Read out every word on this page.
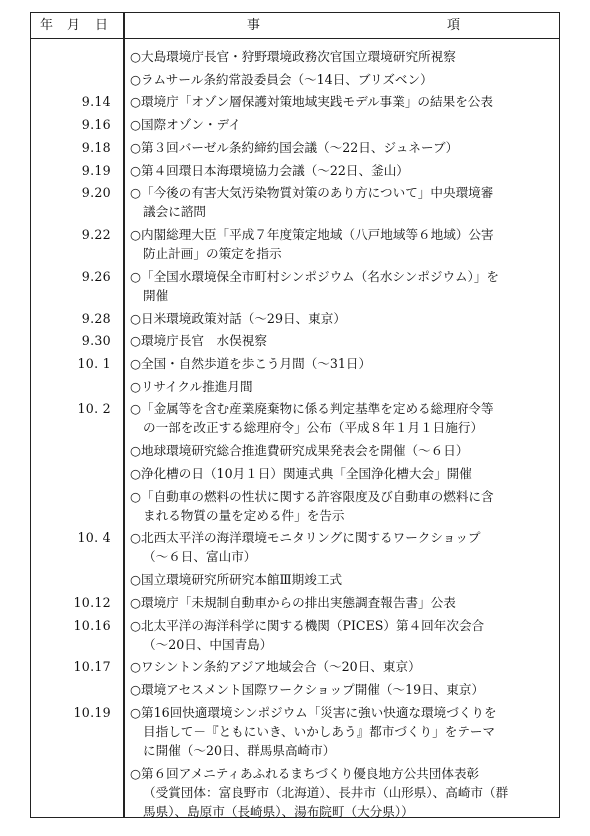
年 月 日	事	項
○大島環境庁長官・狩野環境政務次官国立環境研究所視察
○ラムサール条約常設委員会（～14日、ブリズベン）
9.14 ○環境庁「オゾン層保護対策地域実践モデル事業」の結果を公表
9.16 ○国際オゾン・デイ
9.18 ○第３回バーゼル条約締約国会議（～22日、ジュネーブ）
9.19 ○第４回環日本海環境協力会議（～22日、釜山）
9.20 ○「今後の有害大気汚染物質対策のあり方について」中央環境審
議会に諮問
9.22 ○内閣総理大臣「平成７年度策定地域（八戸地域等６地域）公害
防止計画」の策定を指示
9.26 ○「全国水環境保全市町村シンポジウム（名水シンポジウム）」を
開催
9.28 ○日米環境政策対話（～29日、東京）
9.30 ○環境庁長官　水俣視察
10. 1 ○全国・自然歩道を歩こう月間（～31日）
○リサイクル推進月間
10. 2 ○「金属等を含む産業廃棄物に係る判定基準を定める総理府令等
の一部を改正する総理府令」公布（平成８年１月１日施行）
○地球環境研究総合推進費研究成果発表会を開催（～６日）
○浄化槽の日（10月１日）関連式典「全国浄化槽大会」開催
○「自動車の燃料の性状に関する許容限度及び自動車の燃料に含
まれる物質の量を定める件」を告示
10. 4 ○北西太平洋の海洋環境モニタリングに関するワークショップ
（～６日、富山市）
○国立環境研究所研究本館Ⅲ期竣工式
10.12 ○環境庁「未規制自動車からの排出実態調査報告書」公表
10.16 ○北太平洋の海洋科学に関する機関（PICES）第４回年次会合
（～20日、中国青島）
10.17 ○ワシントン条約アジア地域会合（～20日、東京）
○環境アセスメント国際ワークショップ開催（～19日、東京）
10.19 ○第16回快適環境シンポジウム「災害に強い快適な環境づくりを
目指して－『ともにいき、いかしあう』都市づくり」をテーマ
に開催（～20日、群馬県高崎市）
○第６回アメニティあふれるまちづくり優良地方公共団体表彰
（受賞団体：富良野市（北海道）、長井市（山形県）、高崎市（群
馬県）、島原市（長崎県）、湯布院町（大分県））
